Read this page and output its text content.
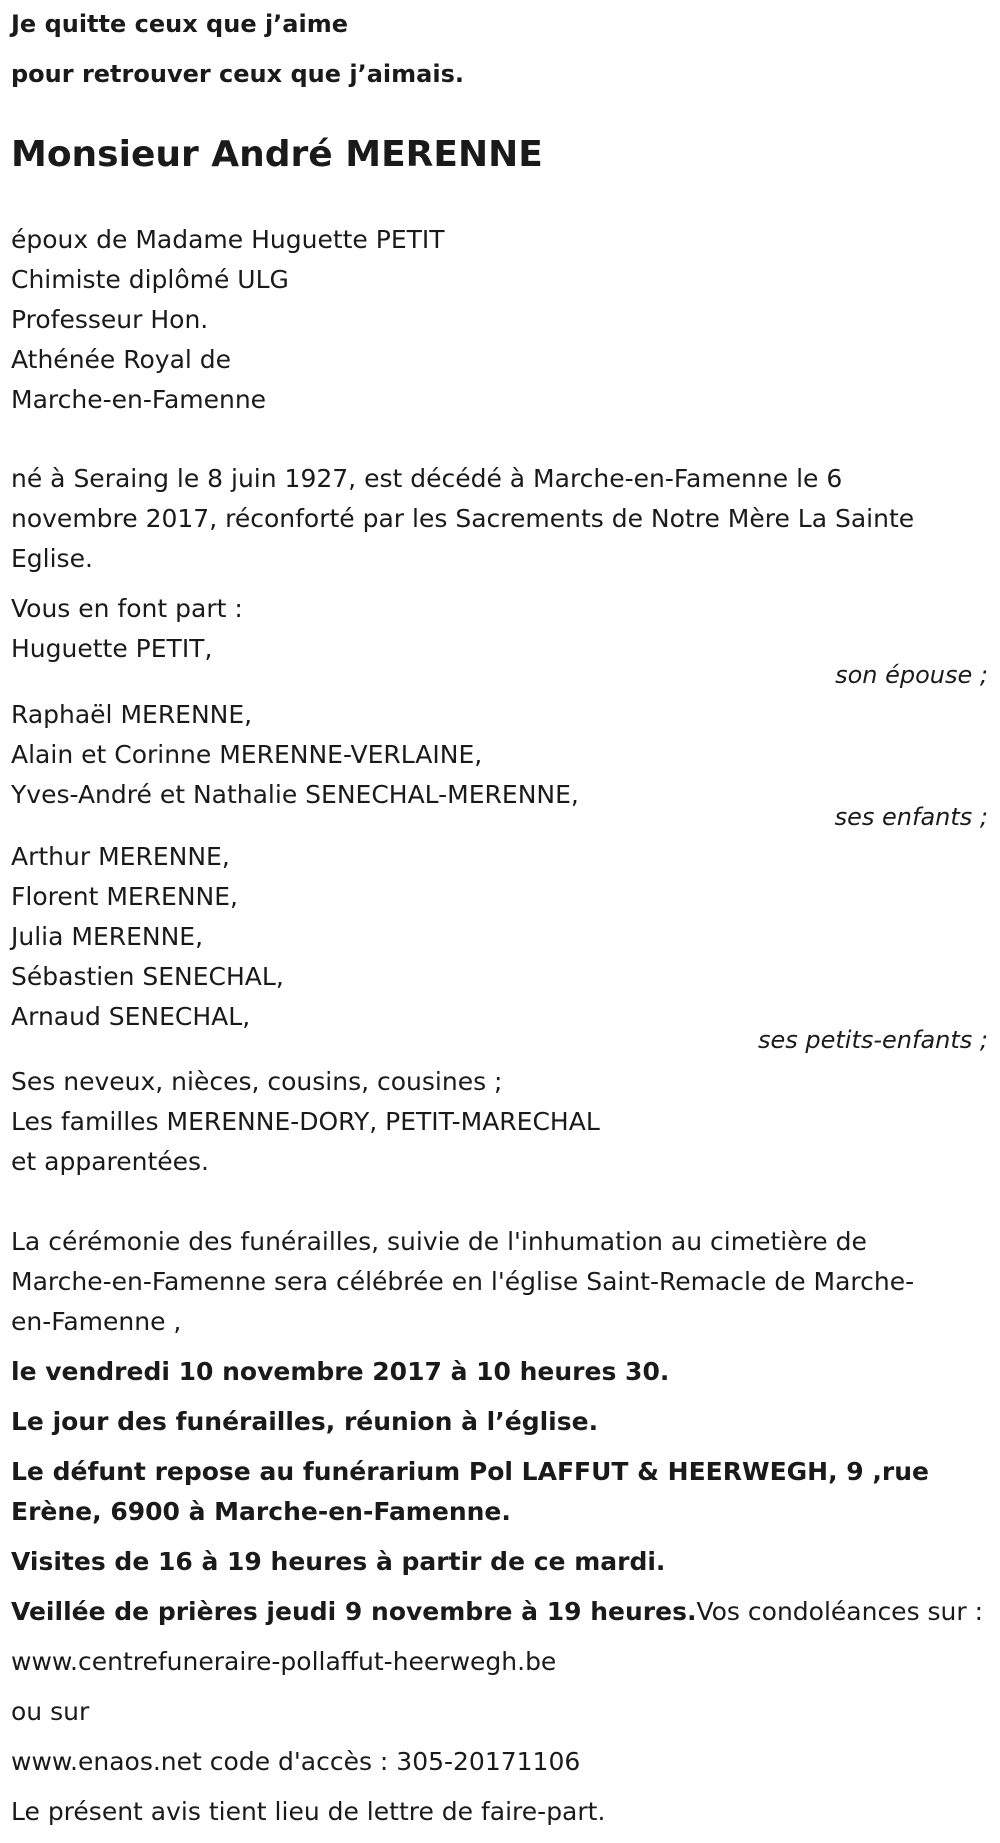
Je quitte ceux que j’aime
pour retrouver ceux que j’aimais.
Monsieur André MERENNE
époux de Madame Huguette PETIT
Chimiste diplômé ULG
Professeur Hon.
Athénée Royal de
Marche-en-Famenne
né à Seraing le 8 juin 1927, est décédé à Marche-en-Famenne le 6
novembre 2017, réconforté par les Sacrements de Notre Mère La Sainte
Eglise.
Vous en font part :
Huguette PETIT,
son épouse ;
Raphaël MERENNE,
Alain et Corinne MERENNE-VERLAINE,
Yves-André et Nathalie SENECHAL-MERENNE,
ses enfants ;
Arthur MERENNE,
Florent MERENNE,
Julia MERENNE,
Sébastien SENECHAL,
Arnaud SENECHAL,
ses petits-enfants ;
Ses neveux, nièces, cousins, cousines ;
Les familles MERENNE-DORY, PETIT-MARECHAL
et apparentées.
La cérémonie des funérailles, suivie de l'inhumation au cimetière de
Marche-en-Famenne sera célébrée en l'église Saint-Remacle de Marche-
en-Famenne ,
le vendredi 10 novembre 2017 à 10 heures 30.
Le jour des funérailles, réunion à l’église.
Le défunt repose au funérarium Pol LAFFUT & HEERWEGH, 9 ,rue
Erène, 6900 à Marche-en-Famenne.
Visites de 16 à 19 heures à partir de ce mardi.
Veillée de prières jeudi 9 novembre à 19 heures.Vos condoléances sur :
www.centrefuneraire-pollaffut-heerwegh.be
ou sur
www.enaos.net code d'accès : 305-20171106
Le présent avis tient lieu de lettre de faire-part.
